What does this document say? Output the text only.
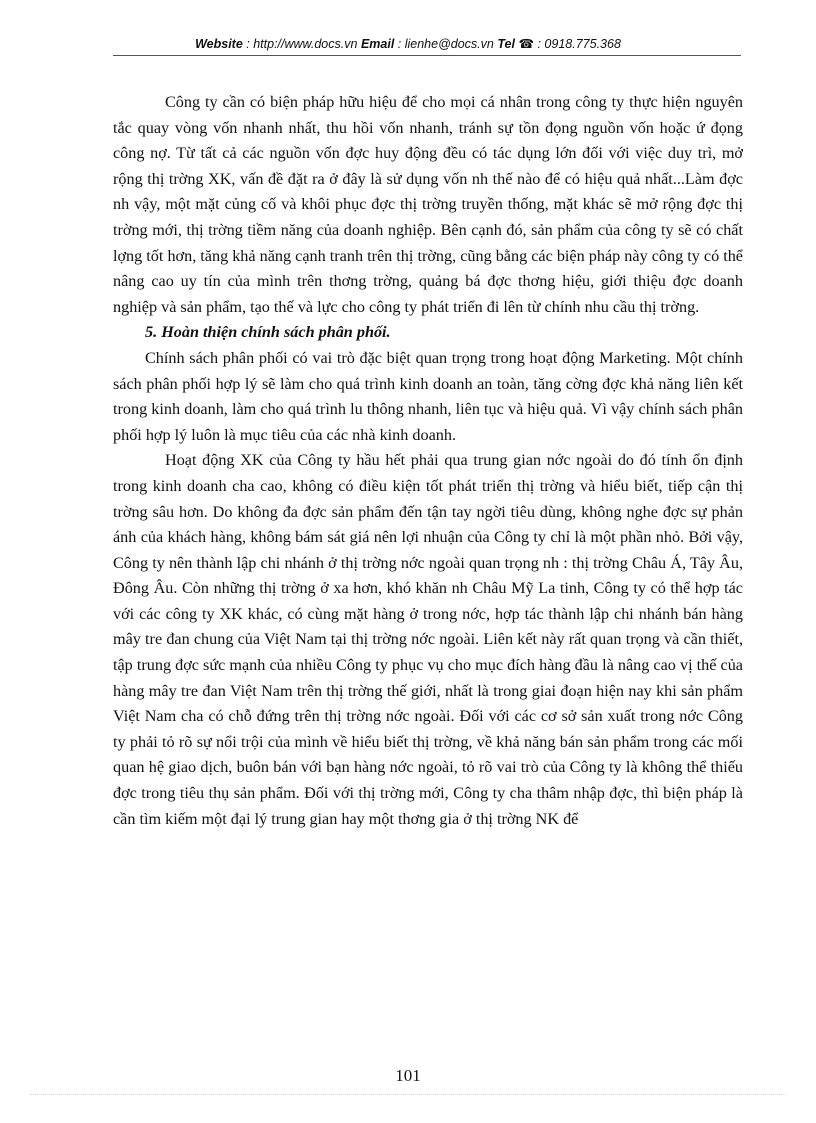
Website : http://www.docs.vn Email : lienhe@docs.vn Tel ☎ : 0918.775.368

Công ty cần có biện pháp hữu hiệu để cho mọi cá nhân trong công ty thực hiện nguyên tắc quay vòng vốn nhanh nhất, thu hồi vốn nhanh, tránh sự tồn đọng nguồn vốn hoặc ứ đọng công nợ. Từ tất cả các nguồn vốn đợc huy động đều có tác dụng lớn đối với việc duy trì, mở rộng thị trờng XK, vấn đề đặt ra ở đây là sử dụng vốn nh thế nào để có hiệu quả nhất...Làm đợc nh vậy, một mặt củng cố và khôi phục đợc thị trờng truyền thống, mặt khác sẽ mở rộng đợc thị trờng mới, thị trờng tiềm năng của doanh nghiệp. Bên cạnh đó, sản phẩm của công ty sẽ có chất lợng tốt hơn, tăng khả năng cạnh tranh trên thị trờng, cũng bằng các biện pháp này công ty có thể nâng cao uy tín của mình trên thơng trờng, quảng bá đợc thơng hiệu, giới thiệu đợc doanh nghiệp và sản phẩm, tạo thế và lực cho công ty phát triển đi lên từ chính nhu cầu thị trờng.

5. Hoàn thiện chính sách phân phối.

Chính sách phân phối có vai trò đặc biệt quan trọng trong hoạt động Marketing. Một chính sách phân phối hợp lý sẽ làm cho quá trình kinh doanh an toàn, tăng cờng đợc khả năng liên kết trong kinh doanh, làm cho quá trình lu thông nhanh, liên tục và hiệu quả. Vì vậy chính sách phân phối hợp lý luôn là mục tiêu của các nhà kinh doanh.

Hoạt động XK của Công ty hầu hết phải qua trung gian nớc ngoài do đó tính ổn định trong kinh doanh cha cao, không có điều kiện tốt phát triển thị trờng và hiểu biết, tiếp cận thị trờng sâu hơn. Do không đa đợc sản phẩm đến tận tay ngời tiêu dùng, không nghe đợc sự phản ánh của khách hàng, không bám sát giá nên lợi nhuận của Công ty chỉ là một phần nhỏ. Bởi vậy, Công ty nên thành lập chi nhánh ở thị trờng nớc ngoài quan trọng nh : thị trờng Châu Á, Tây Âu, Đông Âu. Còn những thị trờng ở xa hơn, khó khăn nh Châu Mỹ La tinh, Công ty có thể hợp tác với các công ty XK khác, có cùng mặt hàng ở trong nớc, hợp tác thành lập chi nhánh bán hàng mây tre đan chung của Việt Nam tại thị trờng nớc ngoài. Liên kết này rất quan trọng và cần thiết, tập trung đợc sức mạnh của nhiều Công ty phục vụ cho mục đích hàng đầu là nâng cao vị thế của hàng mây tre đan Việt Nam trên thị trờng thế giới, nhất là trong giai đoạn hiện nay khi sản phẩm Việt Nam cha có chỗ đứng trên thị trờng nớc ngoài. Đối với các cơ sở sản xuất trong nớc Công ty phải tỏ rõ sự nổi trội của mình về hiểu biết thị trờng, về khả năng bán sản phẩm trong các mối quan hệ giao dịch, buôn bán với bạn hàng nớc ngoài, tỏ rõ vai trò của Công ty là không thể thiếu đợc trong tiêu thụ sản phẩm. Đối với thị trờng mới, Công ty cha thâm nhập đợc, thì biện pháp là cần tìm kiếm một đại lý trung gian hay một thơng gia ở thị trờng NK để

101
